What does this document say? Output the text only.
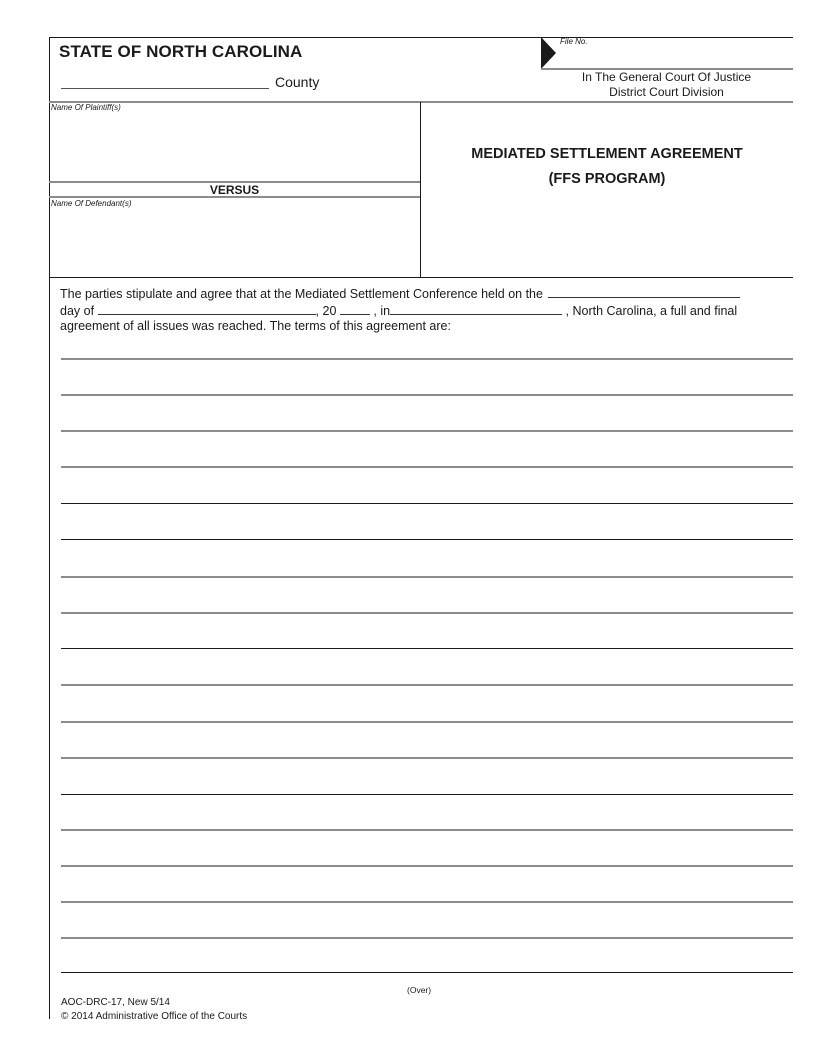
STATE OF NORTH CAROLINA
County
File No.
In The General Court Of Justice
District Court Division
Name Of Plaintiff(s)
VERSUS
Name Of Defendant(s)
MEDIATED SETTLEMENT AGREEMENT
(FFS PROGRAM)
The parties stipulate and agree that at the Mediated Settlement Conference held on the
day of	, 20	, in	, North Carolina, a full and final
agreement of all issues was reached. The terms of this agreement are:
(Over)
AOC-DRC-17, New 5/14
© 2014 Administrative Office of the Courts
